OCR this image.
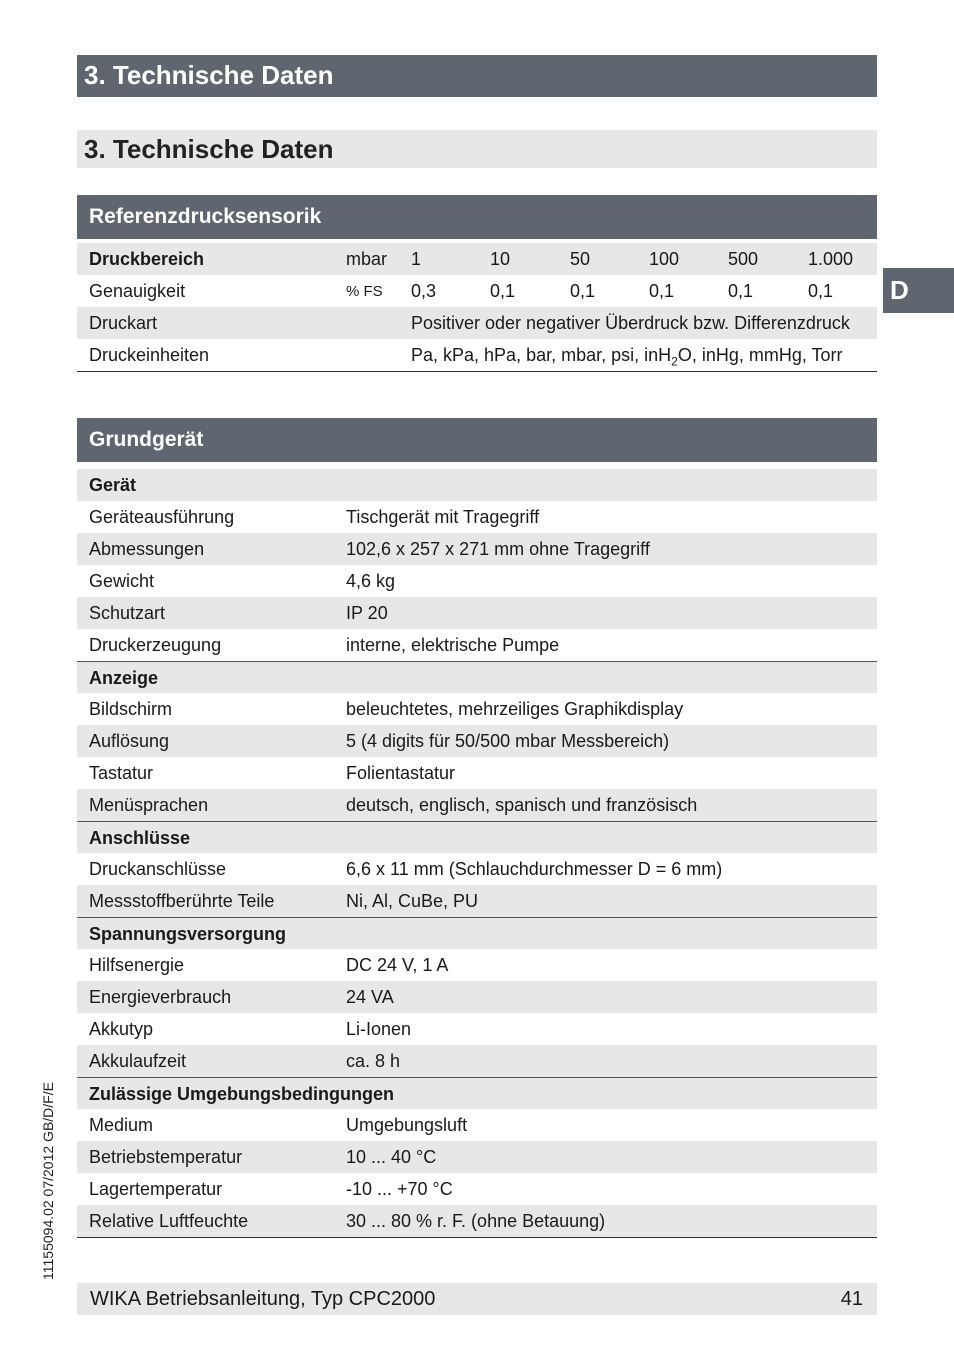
3. Technische Daten
3. Technische Daten
D
Referenzdrucksensorik
Druckbereich	mbar 1	10	50	100	500	1.000
Genauigkeit	% FS 0,3	0,1	0,1	0,1	0,1	0,1
Druckart	Positiver oder negativer Überdruck bzw. Differenzdruck
Druckeinheiten	Pa, kPa, hPa, bar, mbar, psi, inH$_2$O, inHg, mmHg, Torr
Grundgerät
Gerät
Geräteausführung	Tischgerät mit Tragegriff
Abmessungen	102,6 x 257 x 271 mm ohne Tragegriff
Gewicht	4,6 kg
Schutzart	IP 20
Druckerzeugung	interne, elektrische Pumpe
Anzeige
Bildschirm	beleuchtetes, mehrzeiliges Graphikdisplay
Auflösung	5 (4 digits für 50/500 mbar Messbereich)
Tastatur	Folientastatur
Menüsprachen	deutsch, englisch, spanisch und französisch
Anschlüsse
Druckanschlüsse	6,6 x 11 mm (Schlauchdurchmesser D = 6 mm)
Messstoffberührte Teile	Ni, Al, CuBe, PU
Spannungsversorgung
Hilfsenergie	DC 24 V, 1 A
Energieverbrauch	24 VA
Akkutyp	Li-Ionen
Akkulaufzeit	ca. 8 h
Zulässige Umgebungsbedingungen
Medium	Umgebungsluft
Betriebstemperatur	10 ... 40 °C
Lagertemperatur	-10 ... +70 °C
Relative Luftfeuchte	30 ... 80 % r. F. (ohne Betauung)
WIKA Betriebsanleitung, Typ CPC2000	41
11155094.02 07/2012 GB/D/F/E
